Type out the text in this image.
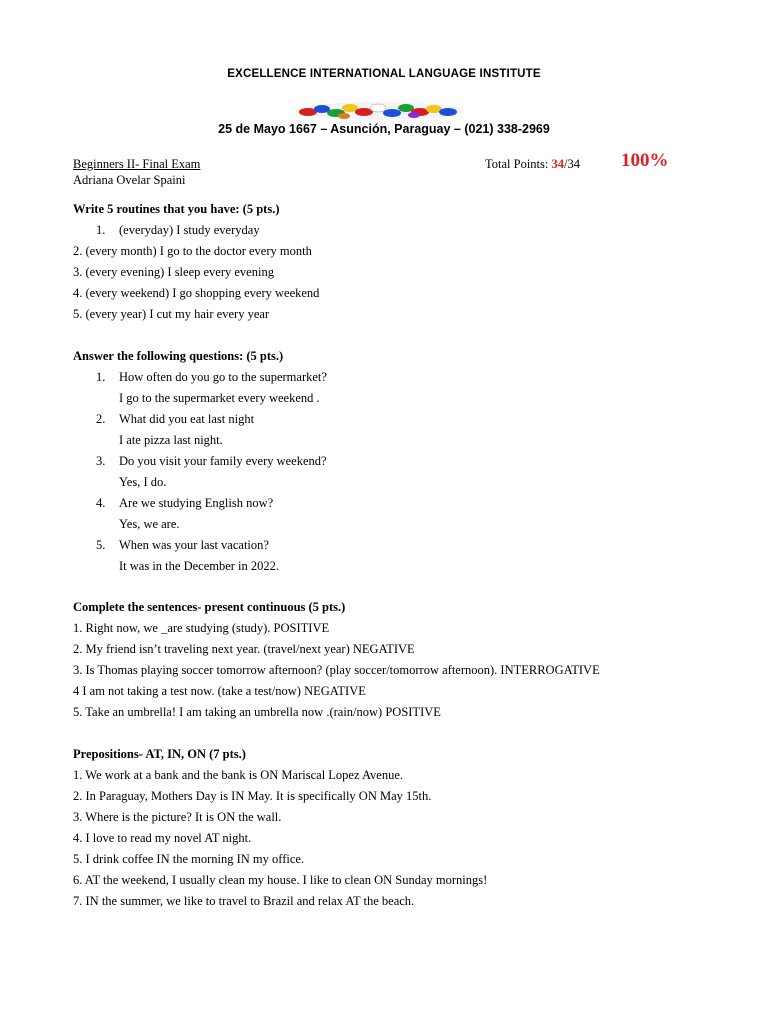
EXCELLENCE INTERNATIONAL LANGUAGE INSTITUTE
25 de Mayo 1667 – Asunción, Paraguay – (021) 338-2969
Beginners II- Final Exam
Adriana Ovelar Spaini
Total Points: 34/34 100%
Write 5 routines that you have: (5 pts.)
1. (everyday) I study everyday
2. (every month) I go to the doctor every month
3. (every evening) I sleep every evening
4. (every weekend) I go shopping every weekend
5. (every year) I cut my hair every year
Answer the following questions: (5 pts.)
1. How often do you go to the supermarket?
I go to the supermarket every weekend .
2. What did you eat last night
I ate pizza last night.
3. Do you visit your family every weekend?
Yes, I do.
4. Are we studying English now?
Yes, we are.
5. When was your last vacation?
It was in the December in 2022.
Complete the sentences- present continuous (5 pts.)
1. Right now, we _are studying (study). POSITIVE
2. My friend isn’t traveling next year. (travel/next year) NEGATIVE
3. Is Thomas playing soccer tomorrow afternoon? (play soccer/tomorrow afternoon). INTERROGATIVE
4 I am not taking a test now. (take a test/now) NEGATIVE
5. Take an umbrella! I am taking an umbrella now .(rain/now) POSITIVE
Prepositions- AT, IN, ON (7 pts.)
1. We work at a bank and the bank is ON Mariscal Lopez Avenue.
2. In Paraguay, Mothers Day is IN May. It is specifically ON May 15th.
3. Where is the picture? It is ON the wall.
4. I love to read my novel AT night.
5. I drink coffee IN the morning IN my office.
6. AT the weekend, I usually clean my house. I like to clean ON Sunday mornings!
7. IN the summer, we like to travel to Brazil and relax AT the beach.
